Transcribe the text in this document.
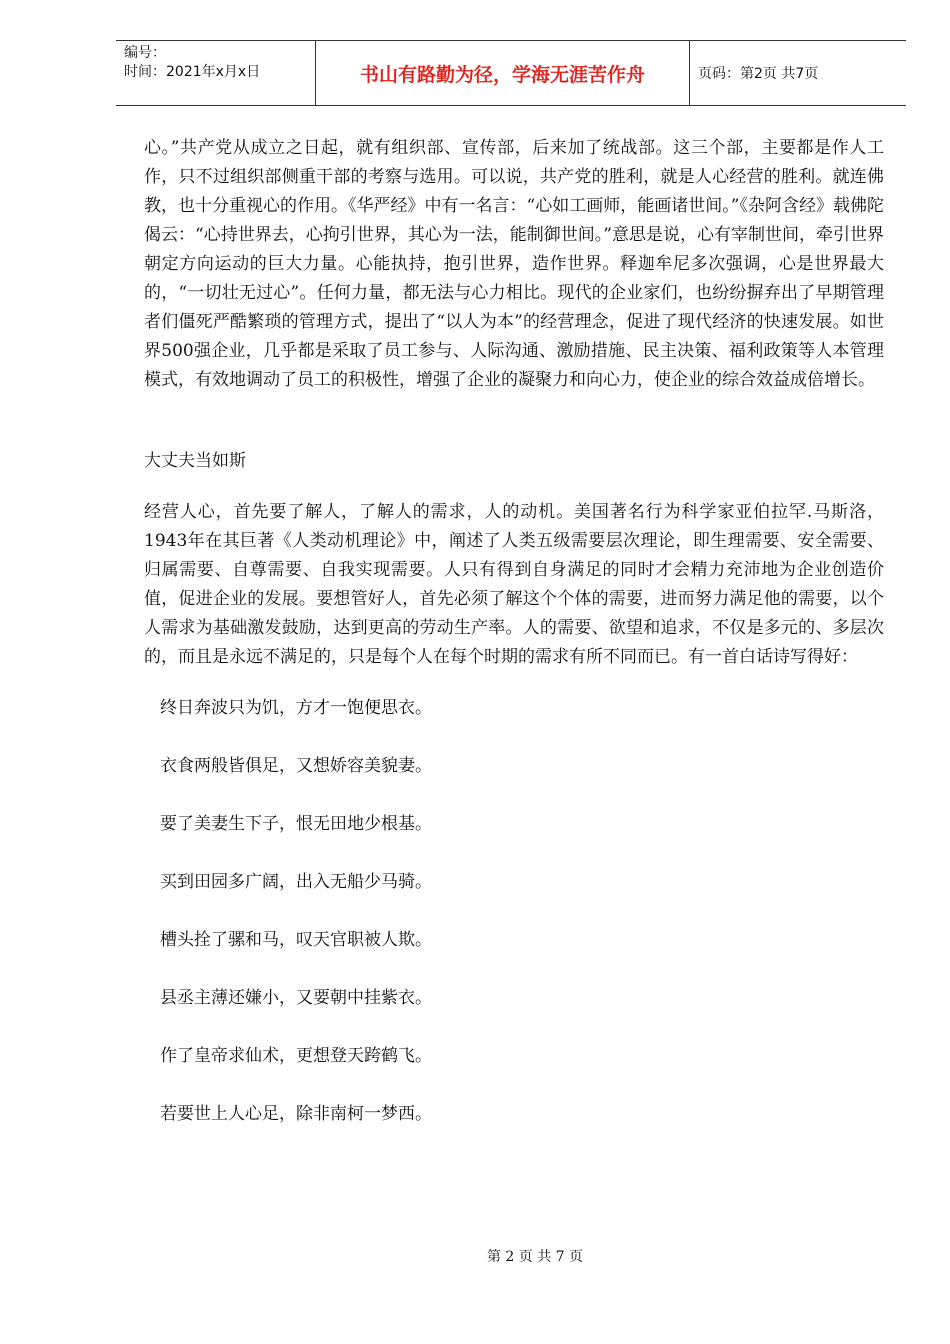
编号：
时间：2021年x月x日	书山有路勤为径，学海无涯苦作舟	页码：第2页 共7页

心。”共产党从成立之日起，就有组织部、宣传部，后来加了统战部。这三个部，主要都是作人工作，只不过组织部侧重干部的考察与选用。可以说，共产党的胜利，就是人心经营的胜利。就连佛教，也十分重视心的作用。《华严经》中有一名言：“心如工画师，能画诸世间。”《杂阿含经》载佛陀偈云：“心持世界去，心拘引世界，其心为一法，能制御世间。”意思是说，心有宰制世间，牵引世界朝定方向运动的巨大力量。心能执持，抱引世界，造作世界。释迦牟尼多次强调，心是世界最大的，“一切壮无过心”。任何力量，都无法与心力相比。现代的企业家们，也纷纷摒弃出了早期管理者们僵死严酷繁琐的管理方式，提出了“以人为本”的经营理念，促进了现代经济的快速发展。如世界500强企业，几乎都是采取了员工参与、人际沟通、激励措施、民主决策、福利政策等人本管理模式，有效地调动了员工的积极性，增强了企业的凝聚力和向心力，使企业的综合效益成倍增长。

大丈夫当如斯

经营人心，首先要了解人，了解人的需求，人的动机。美国著名行为科学家亚伯拉罕.马斯洛，1943年在其巨著《人类动机理论》中，阐述了人类五级需要层次理论，即生理需要、安全需要、归属需要、自尊需要、自我实现需要。人只有得到自身满足的同时才会精力充沛地为企业创造价值，促进企业的发展。要想管好人，首先必须了解这个个体的需要，进而努力满足他的需要，以个人需求为基础激发鼓励，达到更高的劳动生产率。人的需要、欲望和追求，不仅是多元的、多层次的，而且是永远不满足的，只是每个人在每个时期的需求有所不同而已。有一首白话诗写得好：

终日奔波只为饥，方才一饱便思衣。

衣食两般皆俱足，又想娇容美貌妻。

要了美妻生下子，恨无田地少根基。

买到田园多广阔，出入无船少马骑。

槽头拴了骡和马，叹天官职被人欺。

县丞主薄还嫌小，又要朝中挂紫衣。

作了皇帝求仙术，更想登天跨鹤飞。

若要世上人心足，除非南柯一梦西。

第 2 页 共 7 页
